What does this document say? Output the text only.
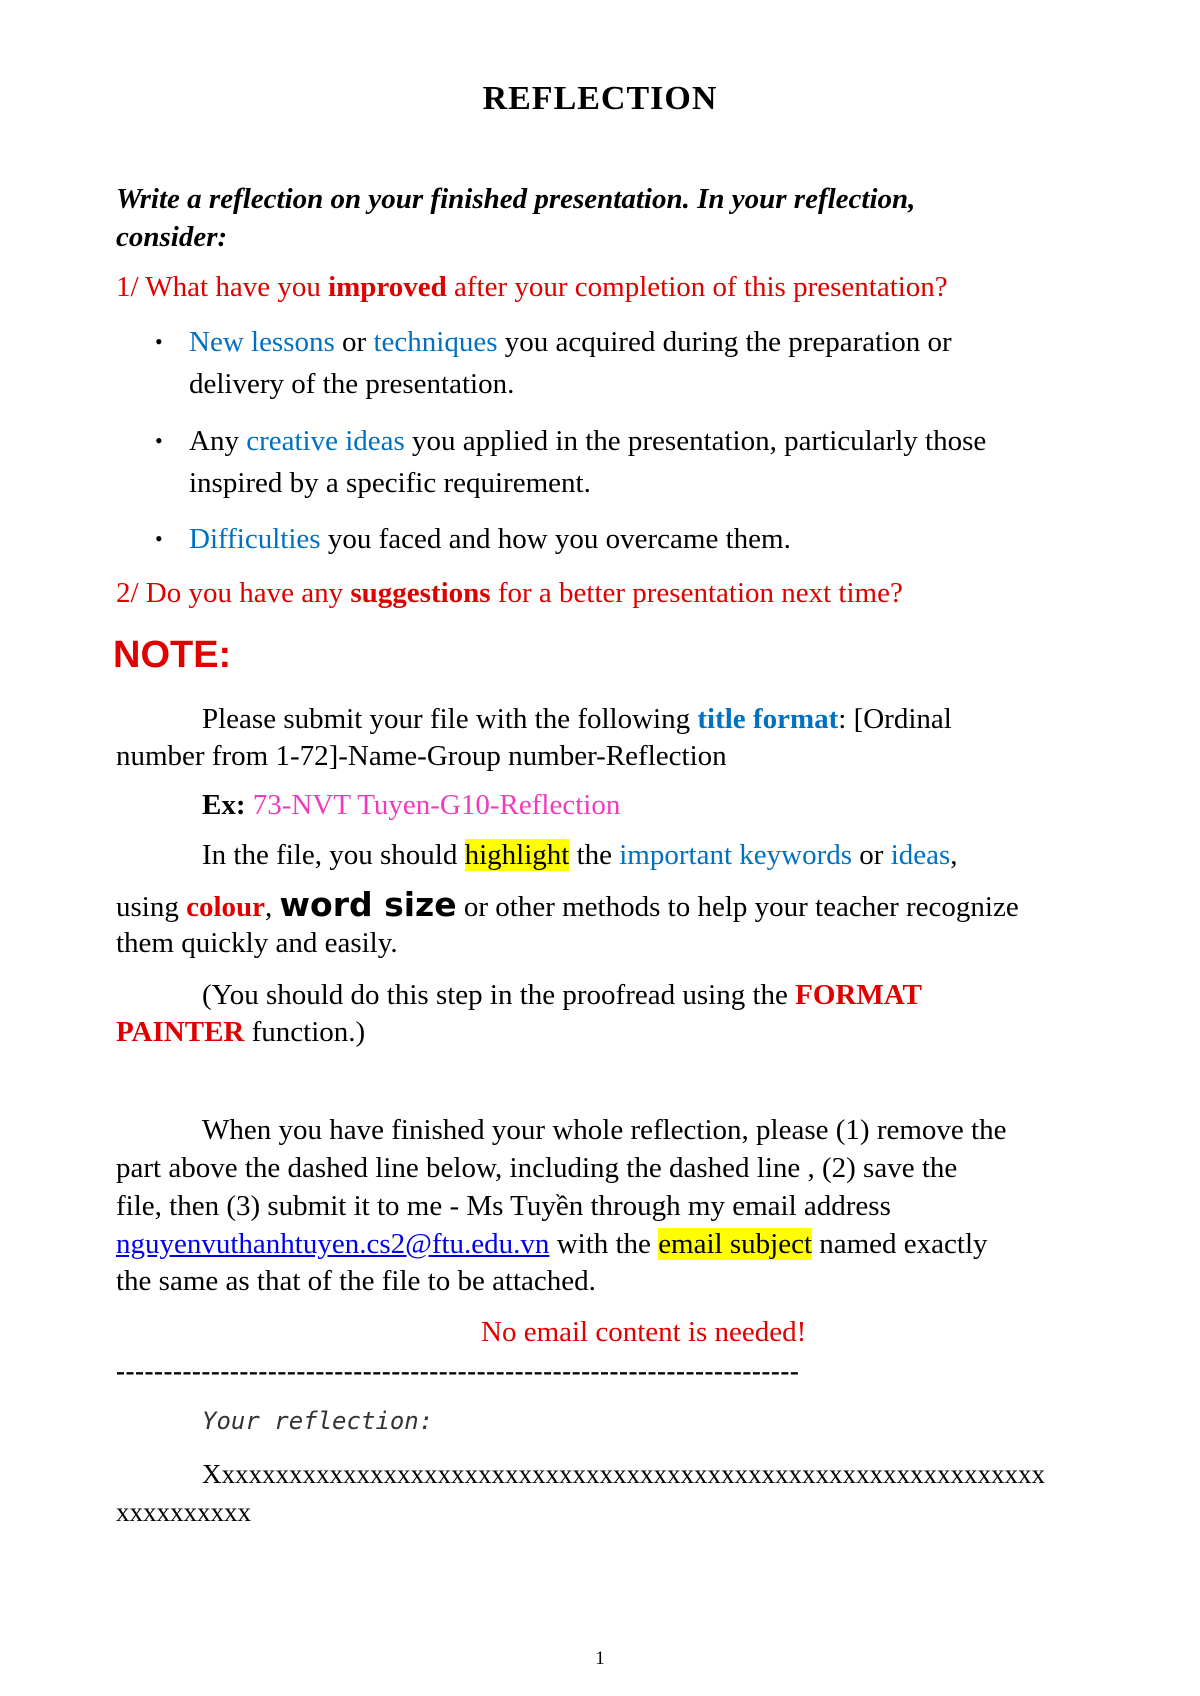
REFLECTION
Write a reflection on your finished presentation. In your reflection,
consider:
1/ What have you improved after your completion of this presentation?
• New lessons or techniques you acquired during the preparation or
delivery of the presentation.
• Any creative ideas you applied in the presentation, particularly those
inspired by a specific requirement.
• Difficulties you faced and how you overcame them.
2/ Do you have any suggestions for a better presentation next time?
NOTE:
Please submit your file with the following title format: [Ordinal
number from 1-72]-Name-Group number-Reflection
Ex: 73-NVT Tuyen-G10-Reflection
In the file, you should highlight the important keywords or ideas,
using colour, word size or other methods to help your teacher recognize
them quickly and easily.
(You should do this step in the proofread using the FORMAT
PAINTER function.)
When you have finished your whole reflection, please (1) remove the
part above the dashed line below, including the dashed line , (2) save the
file, then (3) submit it to me - Ms Tuyền through my email address
nguyenvuthanhtuyen.cs2@ftu.edu.vn with the email subject named exactly
the same as that of the file to be attached.
No email content is needed!
------------------------------------------------------------------------
Your reflection:
Xxxxxxxxxxxxxxxxxxxxxxxxxxxxxxxxxxxxxxxxxxxxxxxxxxxxxxxxxxxxxx
xxxxxxxxxx
1
